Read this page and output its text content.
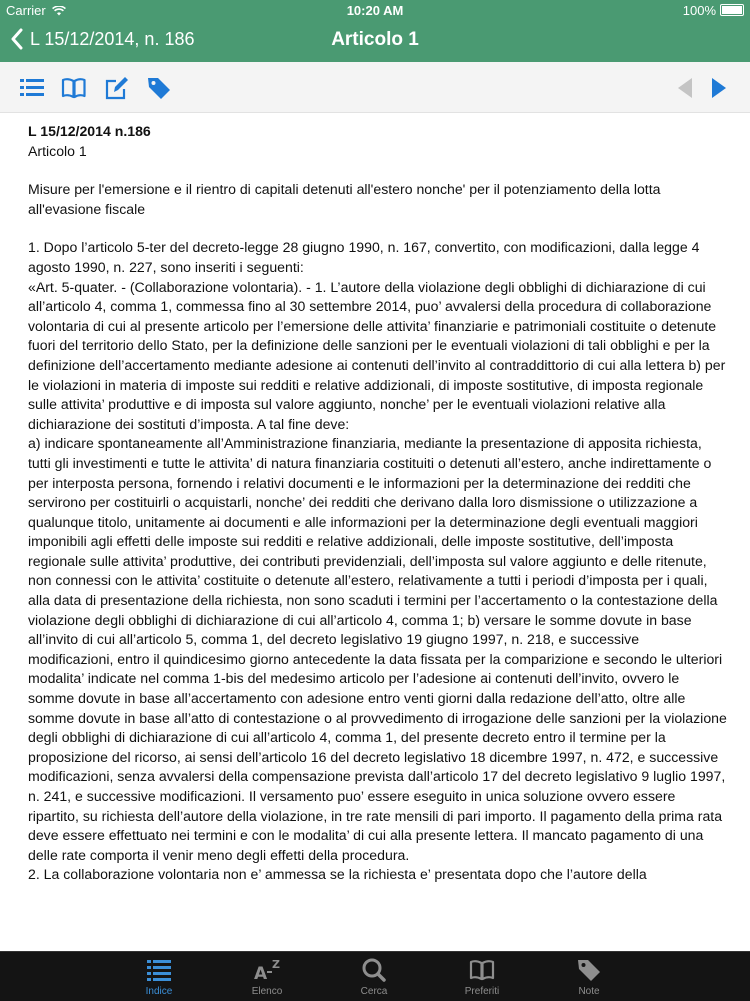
Carrier	10:20 AM	100%
L 15/12/2014, n. 186	Articolo 1

L 15/12/2014 n.186

Articolo 1

Misure per l'emersione e il rientro di capitali detenuti all'estero nonche' per il potenziamento della lotta all'evasione fiscale

1. Dopo l’articolo 5-ter del decreto-legge 28 giugno 1990, n. 167, convertito, con modificazioni, dalla legge 4 agosto 1990, n. 227, sono inseriti i seguenti:
«Art. 5-quater. - (Collaborazione volontaria). - 1. L’autore della violazione degli obblighi di dichiarazione di cui all’articolo 4, comma 1, commessa fino al 30 settembre 2014, puo’ avvalersi della procedura di collaborazione volontaria di cui al presente articolo per l’emersione delle attivita’ finanziarie e patrimoniali costituite o detenute fuori del territorio dello Stato, per la definizione delle sanzioni per le eventuali violazioni di tali obblighi e per la definizione dell’accertamento mediante adesione ai contenuti dell’invito al contraddittorio di cui alla lettera b) per le violazioni in materia di imposte sui redditi e relative addizionali, di imposte sostitutive, di imposta regionale sulle attivita’ produttive e di imposta sul valore aggiunto, nonche’ per le eventuali violazioni relative alla dichiarazione dei sostituti d’imposta. A tal fine deve:
a) indicare spontaneamente all’Amministrazione finanziaria, mediante la presentazione di apposita richiesta, tutti gli investimenti e tutte le attivita’ di natura finanziaria costituiti o detenuti all’estero, anche indirettamente o per interposta persona, fornendo i relativi documenti e le informazioni per la determinazione dei redditi che servirono per costituirli o acquistarli, nonche’ dei redditi che derivano dalla loro dismissione o utilizzazione a qualunque titolo, unitamente ai documenti e alle informazioni per la determinazione degli eventuali maggiori imponibili agli effetti delle imposte sui redditi e relative addizionali, delle imposte sostitutive, dell’imposta regionale sulle attivita’ produttive, dei contributi previdenziali, dell’imposta sul valore aggiunto e delle ritenute, non connessi con le attivita’ costituite o detenute all’estero, relativamente a tutti i periodi d’imposta per i quali, alla data di presentazione della richiesta, non sono scaduti i termini per l’accertamento o la contestazione della violazione degli obblighi di dichiarazione di cui all’articolo 4, comma 1; b) versare le somme dovute in base all’invito di cui all’articolo 5, comma 1, del decreto legislativo 19 giugno 1997, n. 218, e successive modificazioni, entro il quindicesimo giorno antecedente la data fissata per la comparizione e secondo le ulteriori modalita’ indicate nel comma 1-bis del medesimo articolo per l’adesione ai contenuti dell’invito, ovvero le somme dovute in base all’accertamento con adesione entro venti giorni dalla redazione dell’atto, oltre alle somme dovute in base all’atto di contestazione o al provvedimento di irrogazione delle sanzioni per la violazione degli obblighi di dichiarazione di cui all’articolo 4, comma 1, del presente decreto entro il termine per la proposizione del ricorso, ai sensi dell’articolo 16 del decreto legislativo 18 dicembre 1997, n. 472, e successive modificazioni, senza avvalersi della compensazione prevista dall’articolo 17 del decreto legislativo 9 luglio 1997, n. 241, e successive modificazioni. Il versamento puo’ essere eseguito in unica soluzione ovvero essere ripartito, su richiesta dell’autore della violazione, in tre rate mensili di pari importo. Il pagamento della prima rata deve essere effettuato nei termini e con le modalita’ di cui alla presente lettera. Il mancato pagamento di una delle rate comporta il venir meno degli effetti della procedura.
2. La collaborazione volontaria non e’ ammessa se la richiesta e’ presentata dopo che l’autore della

Indice
A Z
Elenco	Cerca	Preferiti	Note
